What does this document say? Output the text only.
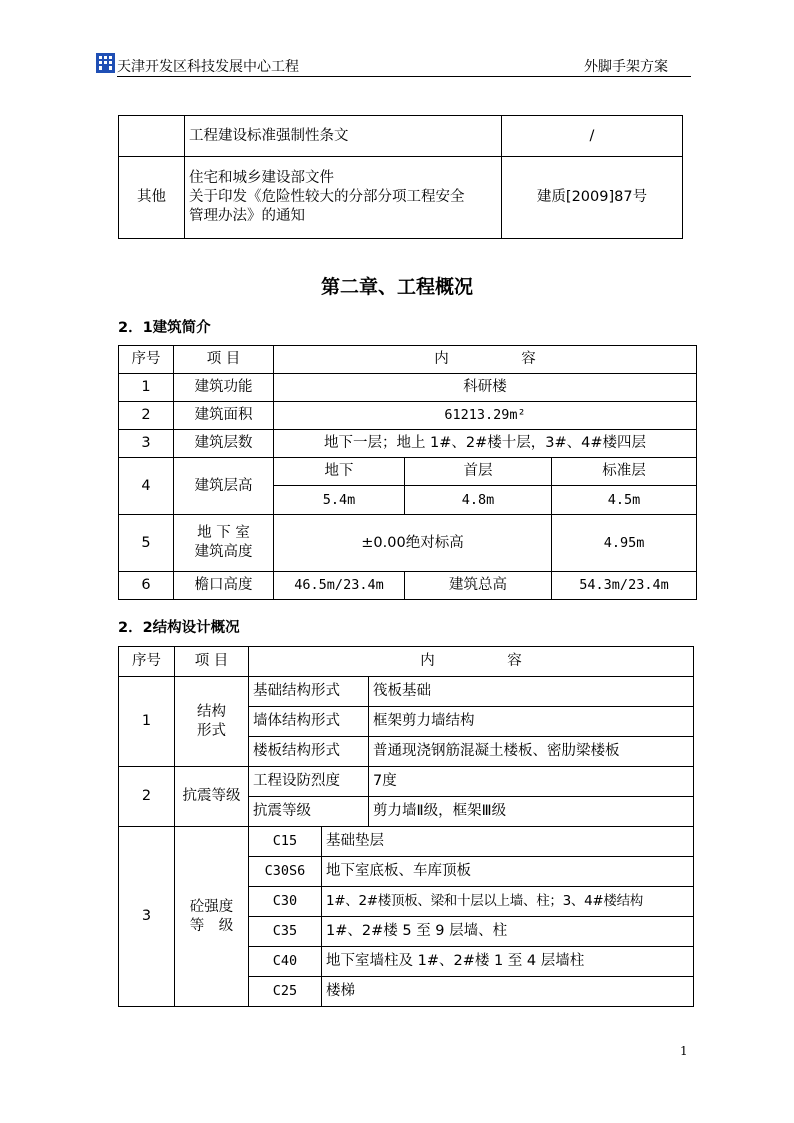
天津开发区科技发展中心工程	外脚手架方案
	工程建设标准强制性条文	/
其他	住宅和城乡建设部文件
关于印发《危险性较大的分部分项工程安全
管理办法》的通知	建质[2009]87号
第二章、工程概况
2．1建筑简介
序号	项 目	内　　　　　容		
1	建筑功能	科研楼		
2	建筑面积	61213.29m²		
3	建筑层数	地下一层；地上 1#、2#楼十层，3#、4#楼四层		
4	建筑层高	地下	首层	标准层
		5.4m	4.8m	4.5m
5	地 下 室
建筑高度	±0.00绝对标高		4.95m
6	檐口高度	46.5m/23.4m	建筑总高	54.3m/23.4m
2．2结构设计概况
序号	项 目	内　　　　　容		
1	结构
形式	基础结构形式		筏板基础
		墙体结构形式		框架剪力墙结构
		楼板结构形式		普通现浇钢筋混凝土楼板、密肋梁楼板
2	抗震等级	工程设防烈度		7度
		抗震等级		剪力墙Ⅱ级，框架Ⅲ级
3	砼强度
等　级	C15	基础垫层	
		C30S6	地下室底板、车库顶板	
		C30	1#、2#楼顶板、梁和十层以上墙、柱；3、4#楼结构	
		C35	1#、2#楼 5 至 9 层墙、柱	
		C40	地下室墙柱及 1#、2#楼 1 至 4 层墙柱	
		C25	楼梯	
1
